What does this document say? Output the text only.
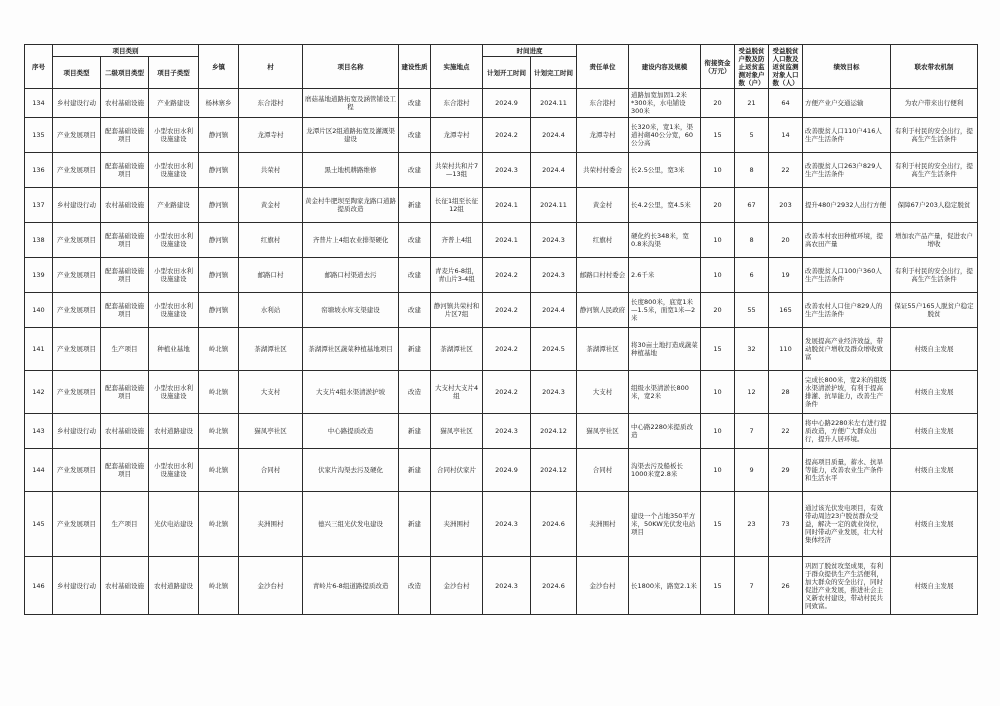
序号	项目类别			乡镇	村	项目名称	建设性质	实施地点	时间进度		责任单位	建设内容及规模	衔接资金（万元）	受益脱贫户数及防止返贫监测对象户数（户）	受益脱贫人口数及返贫监测对象人口数（人）	绩效目标	联农带农机制
	项目类型	二级项目类型	项目子类型						计划开工时间	计划完工时间							
134	乡村建设行动	农村基础设施	产业路建设	杨林寨乡	东合港村	磨菇基地道路拓宽及涵管铺设工程	改建	东合港村	2024.9	2024.11	东合港村	道路加宽加固1.2米*300米，水电铺设300米	20	21	64	方便产业户交通运输	为农户带来出行便利
135	产业发展项目	配套基础设施项目	小型农田水利设施建设	静河镇	龙潭寺村	龙潭片区2组道路拓宽及灌溉渠建设	改建	龙潭寺村	2024.2	2024.4	龙潭寺村	长320米，宽1米，渠道衬砌40公分宽，60公分高	15	5	14	改善脱贫人口110户416人生产生活条件	有利于村民的安全出行，提高生产生活条件
136	产业发展项目	配套基础设施项目	小型农田水利设施建设	静河镇	共荣村	黑土地机耕路维修	改建	共荣村共和片7—13组	2024.3	2024.4	共荣村村委会	长2.5公里，宽3米	10	8	22	改善脱贫人口263户829人生产生活条件	有利于村民的安全出行，提高生产生活条件
137	乡村建设行动	农村基础设施	产业路建设	静河镇	黄金村	黄金村牛肥坝至陶家龙路口道路提质改造	新建	长征1组至长征12组	2024.1	2024.11	黄金村	长4.2公里，宽4.5米	20	67	203	提升480户2932人出行方便	保障67户203人稳定脱贫
138	产业发展项目	配套基础设施项目	小型农田水利设施建设	静河镇	红旗村	齐普片上4组农业排渠硬化	改建	齐普上4组	2024.1	2024.3	红旗村	硬化约长348米，宽0.8米沟渠	10	8	20	改善本村农田种植环境，提高农田产量	增加农产品产量，促进农户增收
139	产业发展项目	配套基础设施项目	小型农田水利设施建设	静河镇	邮路口村	邮路口村渠道去污	改建	青麦片6-8组，青山片3-4组	2024.2	2024.3	邮路口村村委会	2.6千米	10	6	19	改善脱贫人口100户360人生产生活条件	有利于村民的安全出行，提高生产生活条件
140	产业发展项目	配套基础设施项目	小型农田水利设施建设	静河镇	水利站	窑塘坡水库支渠建设	改建	静河镇共荣村和片区7组	2024.2	2024.4	静河镇人民政府	长度800米，底宽1米—1.5米，面宽1米—2米	20	55	165	改善农村人口住户829人的生产生活条件	保证55户165人脱贫户稳定脱贫
141	产业发展项目	生产项目	种植业基地	岭北镇	茶湖潭社区	茶湖潭社区蔬菜种植基地项目	新建	茶湖潭社区	2024.2	2024.5	茶湖潭社区	将30亩土地打造成蔬菜种植基地	15	32	110	发展提高产业经济效益，带动脱贫户增收及群众增收致富	村级自主发展
142	产业发展项目	配套基础设施项目	小型农田水利设施建设	岭北镇	大支村	大支片4组水渠清淤护坡	改造	大支村大支片4组	2024.2	2024.3	大支村	组级水渠清淤长800米，宽2米	10	12	28	完成长800米，宽2米的组级水渠清淤护坡，有利于提高排灌、抗旱能力，改善生产条件	村级自主发展
143	乡村建设行动	农村基础设施	农村道路建设	岭北镇	猫凤亭社区	中心路提质改造	新建	猫凤亭社区	2024.3	2024.12	猫凤亭社区	中心路2280米提质改造	10	7	22	将中心路2280米左右进行提质改造，方便广大群众出行，提升人居环境。	村级自主发展
144	产业发展项目	配套基础设施项目	小型农田水利设施建设	岭北镇	合同村	伏家片沟渠去污及硬化	新建	合同村伏家片	2024.9	2024.12	合同村	沟渠去污及船板长1000米宽2.8米	10	9	29	提高项目质量，蓄水、抗旱等能力，改善农业生产条件和生活水平	村级自主发展
145	产业发展项目	生产项目	光伏电站建设	岭北镇	夹洲围村	德兴三组光伏发电建设	新建	夹洲围村	2024.3	2024.6	夹洲围村	建设一个占地350平方米，50KW光伏发电站项目	15	23	73	通过该光伏发电项目，有效带动周边23户脱贫群众受益，解决一定的就业岗位，同时带动产业发展，壮大村集体经济	村级自主发展
146	乡村建设行动	农村基础设施	农村道路建设	岭北镇	金沙台村	青岭片6-8组道路提质改造	改造	金沙台村	2024.3	2024.6	金沙台村	长1800米，路宽2.1米	15	7	26	巩固了脱贫攻坚成果，有利于群众提供生产生活便利，加大群众的安全出行，同时促进产业发展，推进社会主义新农村建设，带动村民共同致富。	村级自主发展
